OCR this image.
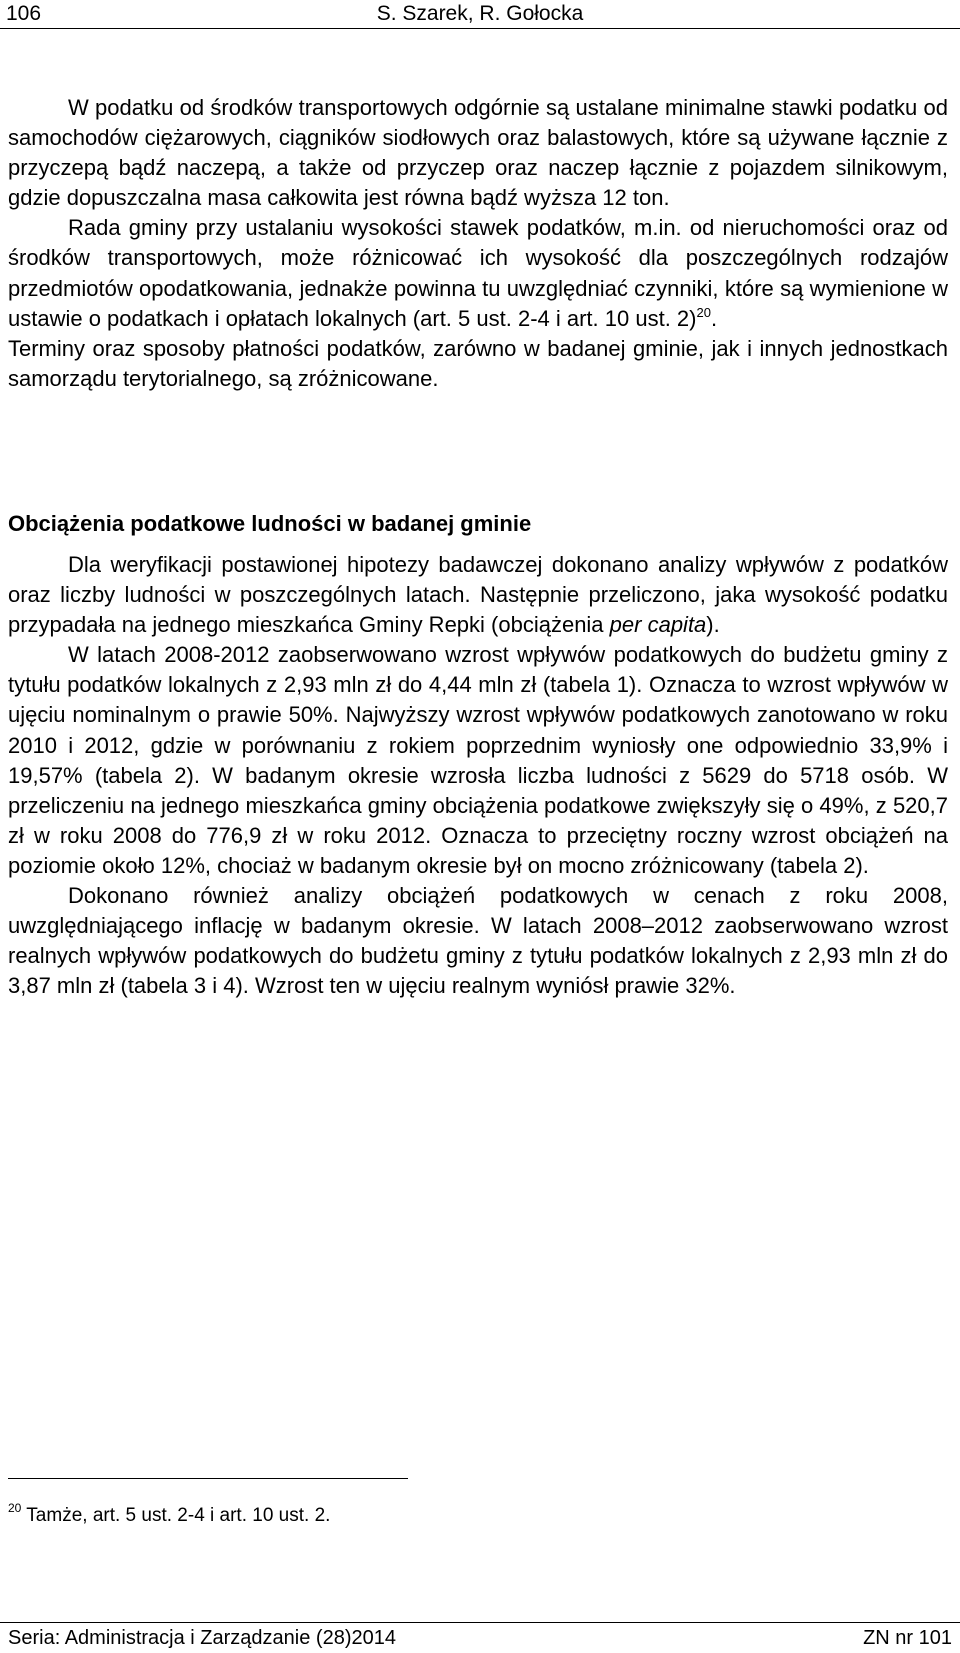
106	S. Szarek, R. Gołocka

W podatku od środków transportowych odgórnie są ustalane minimalne stawki podatku od samochodów ciężarowych, ciągników siodłowych oraz balastowych, które są używane łącznie z przyczepą bądź naczepą, a także od przyczep oraz naczep łącznie z pojazdem silnikowym, gdzie dopuszczalna masa całkowita jest równa bądź wyższa 12 ton.

Rada gminy przy ustalaniu wysokości stawek podatków, m.in. od nieruchomości oraz od środków transportowych, może różnicować ich wysokość dla poszczególnych rodzajów przedmiotów opodatkowania, jednakże powinna tu uwzględniać czynniki, które są wymienione w ustawie o podatkach i opłatach lokalnych (art. 5 ust. 2-4 i art. 10 ust. 2)$^{20}$.

Terminy oraz sposoby płatności podatków, zarówno w badanej gminie, jak i innych jednostkach samorządu terytorialnego, są zróżnicowane.

Obciążenia podatkowe ludności w badanej gminie

Dla weryfikacji postawionej hipotezy badawczej dokonano analizy wpływów z podatków oraz liczby ludności w poszczególnych latach. Następnie przeliczono, jaka wysokość podatku przypadała na jednego mieszkańca Gminy Repki (obciążenia per capita).

W latach 2008-2012 zaobserwowano wzrost wpływów podatkowych do budżetu gminy z tytułu podatków lokalnych z 2,93 mln zł do 4,44 mln zł (tabela 1). Oznacza to wzrost wpływów w ujęciu nominalnym o prawie 50%. Najwyższy wzrost wpływów podatkowych zanotowano w roku 2010 i 2012, gdzie w porównaniu z rokiem poprzednim wyniosły one odpowiednio 33,9% i 19,57% (tabela 2). W badanym okresie wzrosła liczba ludności z 5629 do 5718 osób. W przeliczeniu na jednego mieszkańca gminy obciążenia podatkowe zwiększyły się o 49%, z 520,7 zł w roku 2008 do 776,9 zł w roku 2012. Oznacza to przeciętny roczny wzrost obciążeń na poziomie około 12%, chociaż w badanym okresie był on mocno zróżnicowany (tabela 2).

Dokonano również analizy obciążeń podatkowych w cenach z roku 2008, uwzględniającego inflację w badanym okresie. W latach 2008–2012 zaobserwowano wzrost realnych wpływów podatkowych do budżetu gminy z tytułu podatków lokalnych z 2,93 mln zł do 3,87 mln zł (tabela 3 i 4). Wzrost ten w ujęciu realnym wyniósł prawie 32%.

$^{20}$ Tamże, art. 5 ust. 2-4 i art. 10 ust. 2.
Seria: Administracja i Zarządzanie (28)2014	ZN nr 101
